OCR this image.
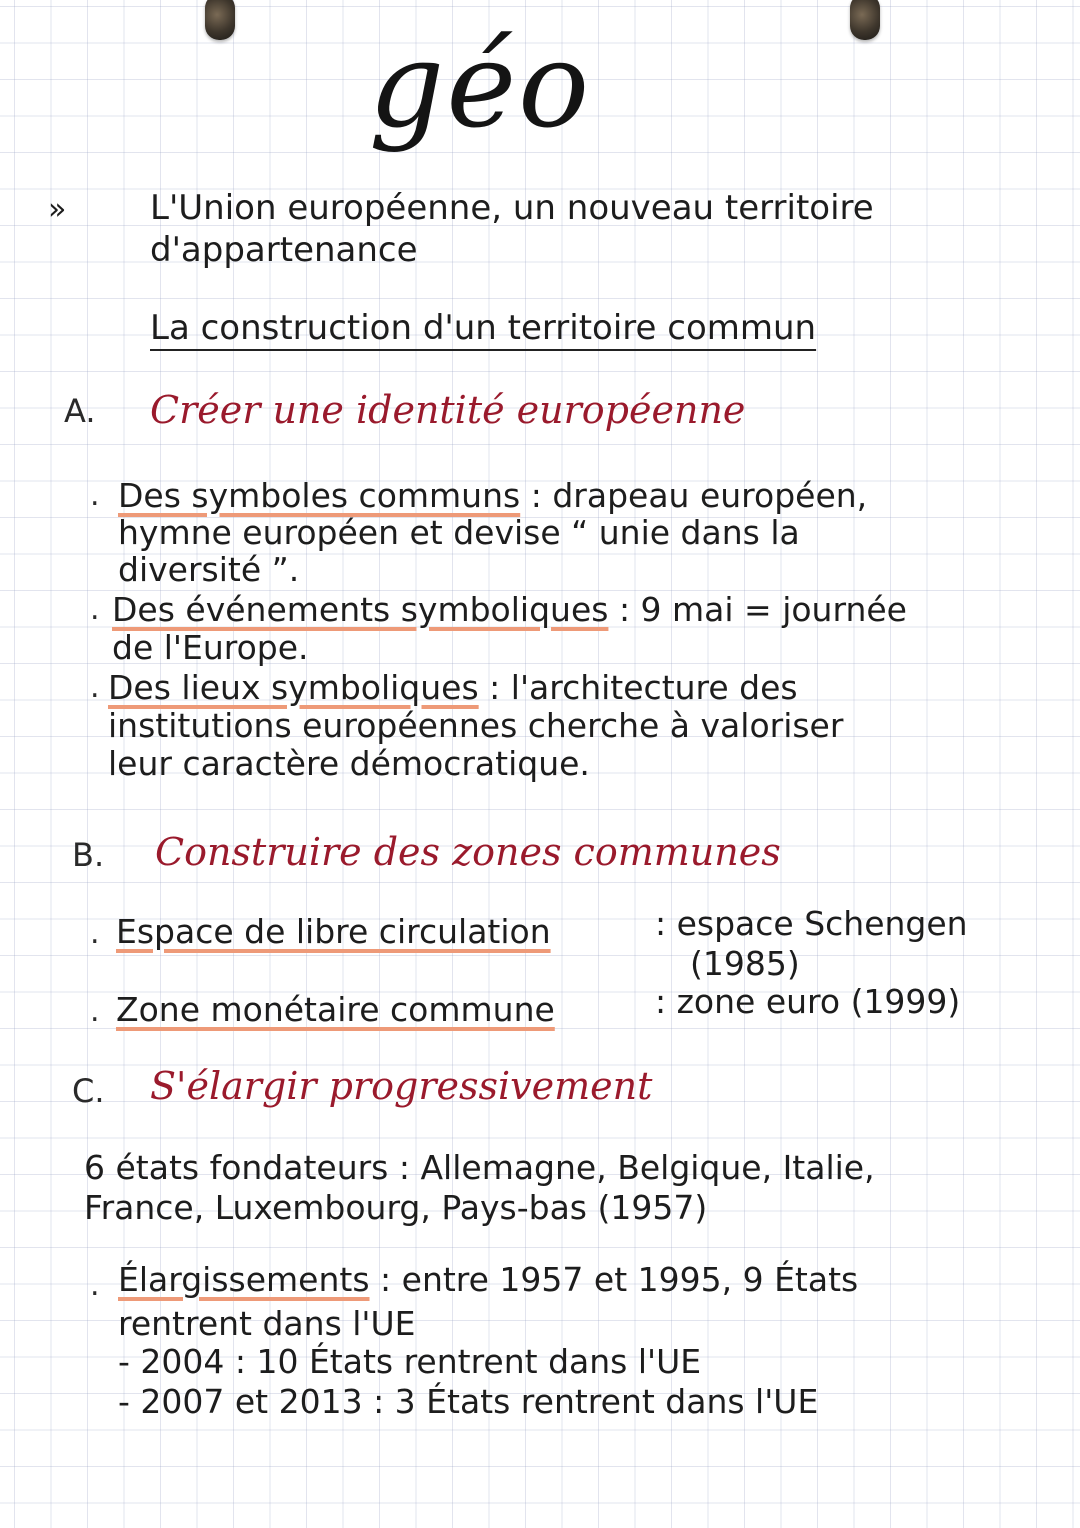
géo
» L'Union européenne, un nouveau territoire
d'appartenance
La construction d'un territoire commun
A. Créer une identité européenne
. Des symboles communs : drapeau européen,
hymne européen et devise “ unie dans la
diversité ”.
. Des événements symboliques : 9 mai = journée
de l'Europe.
. Des lieux symboliques : l'architecture des
institutions européennes cherche à valoriser
leur caractère démocratique.
B. Construire des zones communes
. Espace de libre circulation	: espace Schengen
(1985)
. Zone monétaire commune	: zone euro (1999)
C. S'élargir progressivement
6 états fondateurs : Allemagne, Belgique, Italie,
France, Luxembourg, Pays-bas (1957)
. Élargissements : entre 1957 et 1995, 9 États
rentrent dans l'UE
- 2004 : 10 États rentrent dans l'UE
- 2007 et 2013 : 3 États rentrent dans l'UE
